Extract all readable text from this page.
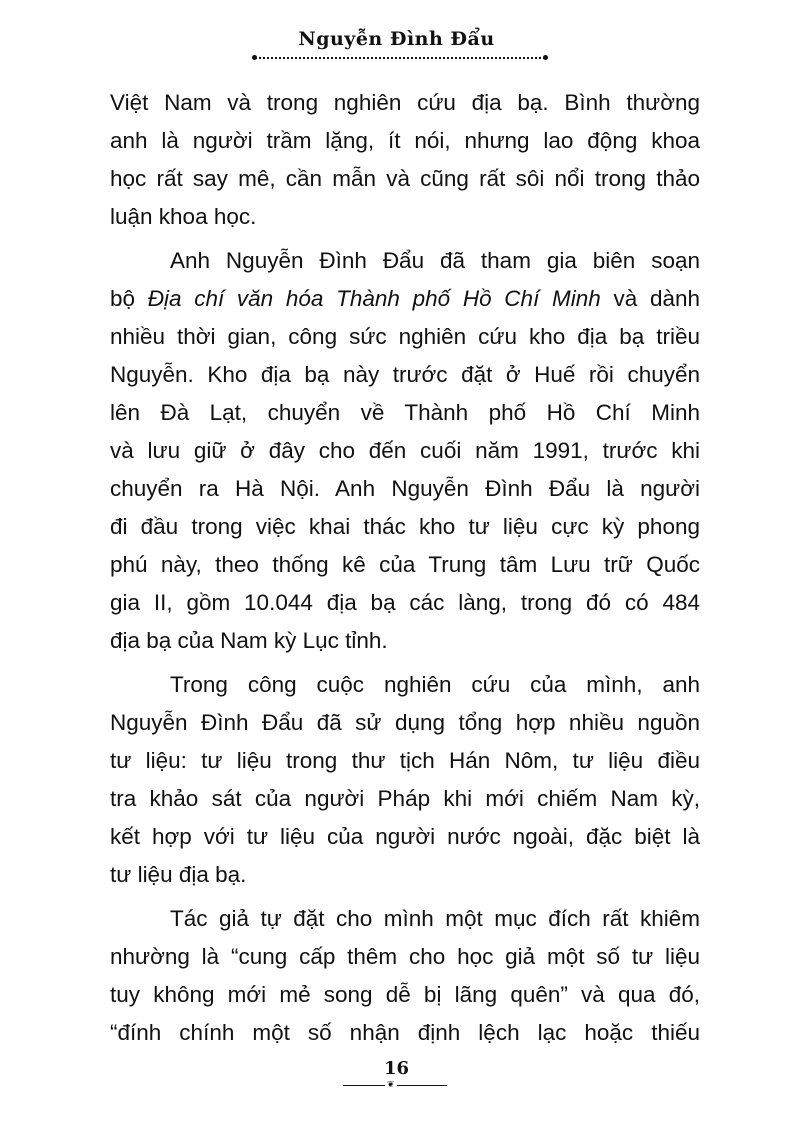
Nguyễn Đình Đẩu
Việt Nam và trong nghiên cứu địa bạ. Bình thường
anh là người trầm lặng, ít nói, nhưng lao động khoa
học rất say mê, cần mẫn và cũng rất sôi nổi trong thảo
luận khoa học.
Anh Nguyễn Đình Đẩu đã tham gia biên soạn
bộ Địa chí văn hóa Thành phố Hồ Chí Minh và dành
nhiều thời gian, công sức nghiên cứu kho địa bạ triều
Nguyễn. Kho địa bạ này trước đặt ở Huế rồi chuyển
lên Đà Lạt, chuyển về Thành phố Hồ Chí Minh
và lưu giữ ở đây cho đến cuối năm 1991, trước khi
chuyển ra Hà Nội. Anh Nguyễn Đình Đẩu là người
đi đầu trong việc khai thác kho tư liệu cực kỳ phong
phú này, theo thống kê của Trung tâm Lưu trữ Quốc
gia II, gồm 10.044 địa bạ các làng, trong đó có 484
địa bạ của Nam kỳ Lục tỉnh.
Trong công cuộc nghiên cứu của mình, anh
Nguyễn Đình Đẩu đã sử dụng tổng hợp nhiều nguồn
tư liệu: tư liệu trong thư tịch Hán Nôm, tư liệu điều
tra khảo sát của người Pháp khi mới chiếm Nam kỳ,
kết hợp với tư liệu của người nước ngoài, đặc biệt là
tư liệu địa bạ.
Tác giả tự đặt cho mình một mục đích rất khiêm
nhường là “cung cấp thêm cho học giả một số tư liệu
tuy không mới mẻ song dễ bị lãng quên” và qua đó,
“đính chính một số nhận định lệch lạc hoặc thiếu
16
❦
